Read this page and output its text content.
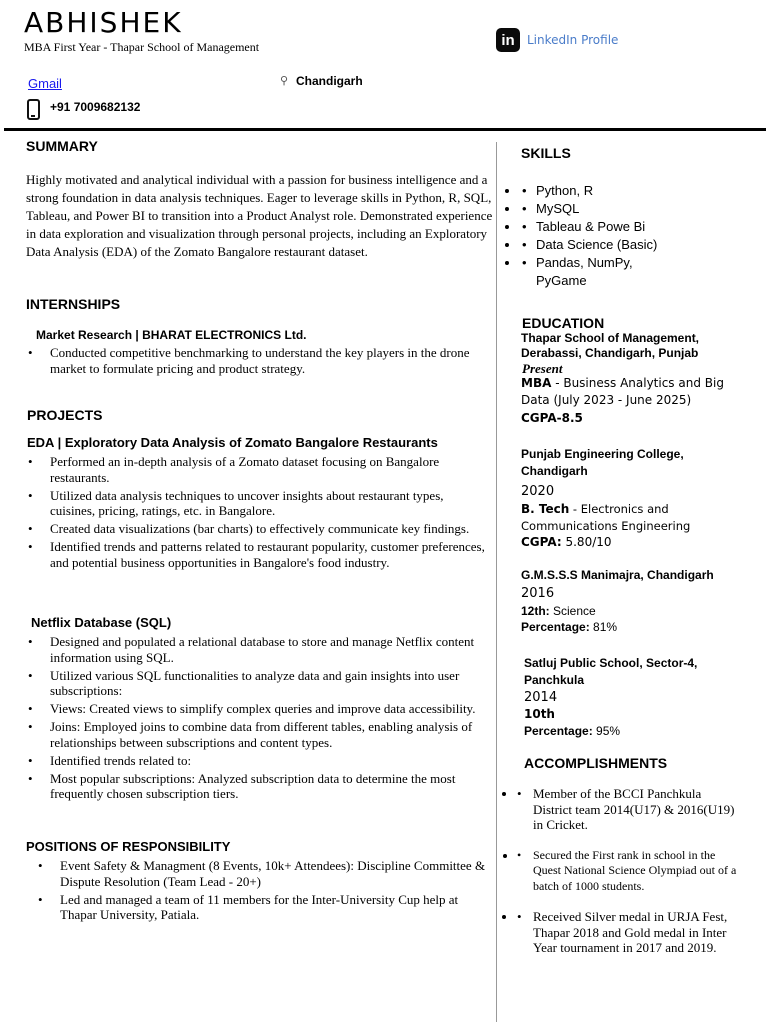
ABHISHEK
MBA First Year - Thapar School of Management	in	LinkedIn Profile
Gmail	⚲ Chandigarh
+91 7009682132
SUMMARY
Highly motivated and analytical individual with a passion for business intelligence and a strong foundation in data analysis techniques. Eager to leverage skills in Python, R, SQL, Tableau, and Power BI to transition into a Product Analyst role. Demonstrated experience in data exploration and visualization through personal projects, including an Exploratory Data Analysis (EDA) of the Zomato Bangalore restaurant dataset.
INTERNSHIPS
Market Research | BHARAT ELECTRONICS Ltd.
• Conducted competitive benchmarking to understand the key players in the drone market to formulate pricing and product strategy.
PROJECTS
EDA | Exploratory Data Analysis of Zomato Bangalore Restaurants
• Performed an in-depth analysis of a Zomato dataset focusing on Bangalore restaurants.
• Utilized data analysis techniques to uncover insights about restaurant types, cuisines, pricing, ratings, etc. in Bangalore.
• Created data visualizations (bar charts) to effectively communicate key findings.
• Identified trends and patterns related to restaurant popularity, customer preferences, and potential business opportunities in Bangalore's food industry.
Netflix Database (SQL)
• Designed and populated a relational database to store and manage Netflix content information using SQL.
• Utilized various SQL functionalities to analyze data and gain insights into user subscriptions:
• Views: Created views to simplify complex queries and improve data accessibility.
• Joins: Employed joins to combine data from different tables, enabling analysis of relationships between subscriptions and content types.
• Identified trends related to:
• Most popular subscriptions: Analyzed subscription data to determine the most frequently chosen subscription tiers.
POSITIONS OF RESPONSIBILITY
• Event Safety & Managment (8 Events, 10k+ Attendees): Discipline Committee & Dispute Resolution (Team Lead - 20+)
• Led and managed a team of 11 members for the Inter-University Cup help at Thapar University, Patiala.
SKILLS
• • Python, R
• • MySQL
• • Tableau & Powe Bi
• • Data Science (Basic)
• • Pandas, NumPy, PyGame
EDUCATION
Thapar School of Management, Derabassi, Chandigarh, Punjab
Present
MBA - Business Analytics and Big Data (July 2023 - June 2025)
CGPA-8.5
Punjab Engineering College, Chandigarh
2020
B. Tech - Electronics and Communications Engineering
CGPA: 5.80/10
G.M.S.S.S Manimajra, Chandigarh
2016
12th: Science
Percentage: 81%
Satluj Public School, Sector-4, Panchkula
2014
10th
Percentage: 95%
ACCOMPLISHMENTS
• • Member of the BCCI Panchkula District team 2014(U17) & 2016(U19) in Cricket.
• • Secured the First rank in school in the Quest National Science Olympiad out of a batch of 1000 students.
• • Received Silver medal in URJA Fest, Thapar 2018 and Gold medal in Inter Year tournament in 2017 and 2019.
